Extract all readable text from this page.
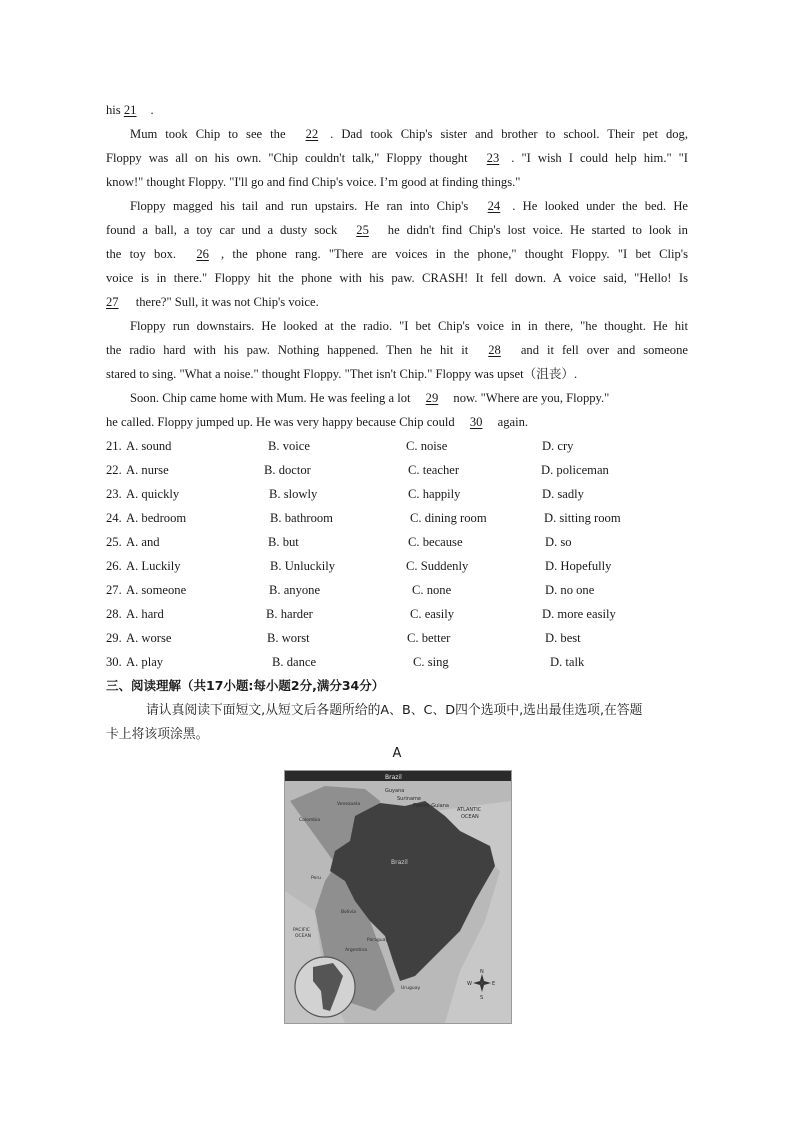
his 21 .
Mum took Chip to see the 22 . Dad took Chip's sister and brother to school. Their pet dog,
Floppy was all on his own. "Chip couldn't talk," Floppy thought 23 . "I wish I could help him." "I
know!" thought Floppy. "I'll go and find Chip's voice. I’m good at finding things."
Floppy magged his tail and run upstairs. He ran into Chip's 24 . He looked under the bed. He
found a ball, a toy car und a dusty sock 25 he didn't find Chip's lost voice. He started to look in
the toy box. 26 , the phone rang. "There are voices in the phone," thought Floppy. "I bet Clip's
voice is in there." Floppy hit the phone with his paw. CRASH! It fell down. A voice said, "Hello! Is
27 there?" Sull, it was not Chip's voice.
Floppy run downstairs. He looked at the radio. "I bet Chip's voice in in there, "he thought. He hit
the radio hard with his paw. Nothing happened. Then he hit it 28 and it fell over and someone
stared to sing. "What a noise." thought Floppy. "Thet isn't Chip." Floppy was upset（沮丧）.
Soon. Chip came home with Mum. He was feeling a lot 29 now. "Where are you, Floppy."
he called. Floppy jumped up. He was very happy because Chip could 30 again.
21. A. sound	B. voice	C. noise	D. cry
22. A. nurse	B. doctor	C. teacher	D. policeman
23. A. quickly	B. slowly	C. happily	D. sadly
24. A. bedroom	B. bathroom	C. dining room	D. sitting room
25. A. and	B. but	C. because	D. so
26. A. Luckily	B. Unluckily	C. Suddenly	D. Hopefully
27. A. someone	B. anyone	C. none	D. no one
28. A. hard	B. harder	C. easily	D. more easily
29. A. worse	B. worst	C. better	D. best
30. A. play	B. dance	C. sing	D. talk
三、阅读理解（共17小题:每小题2分,满分34分）
请认真阅读下面短文,从短文后各题所给的A、B、C、D四个选项中,选出最佳选项,在答题
卡上将该项涂黑。
A
Brazil
Guyana
Suriname
French Guiana
Venezuela
Colombia
ATLANTIC
OCEAN
Brazil
Peru
Bolivia
Paraguay
PACIFIC
OCEAN
Argentina
Uruguay
N
W	E
S
